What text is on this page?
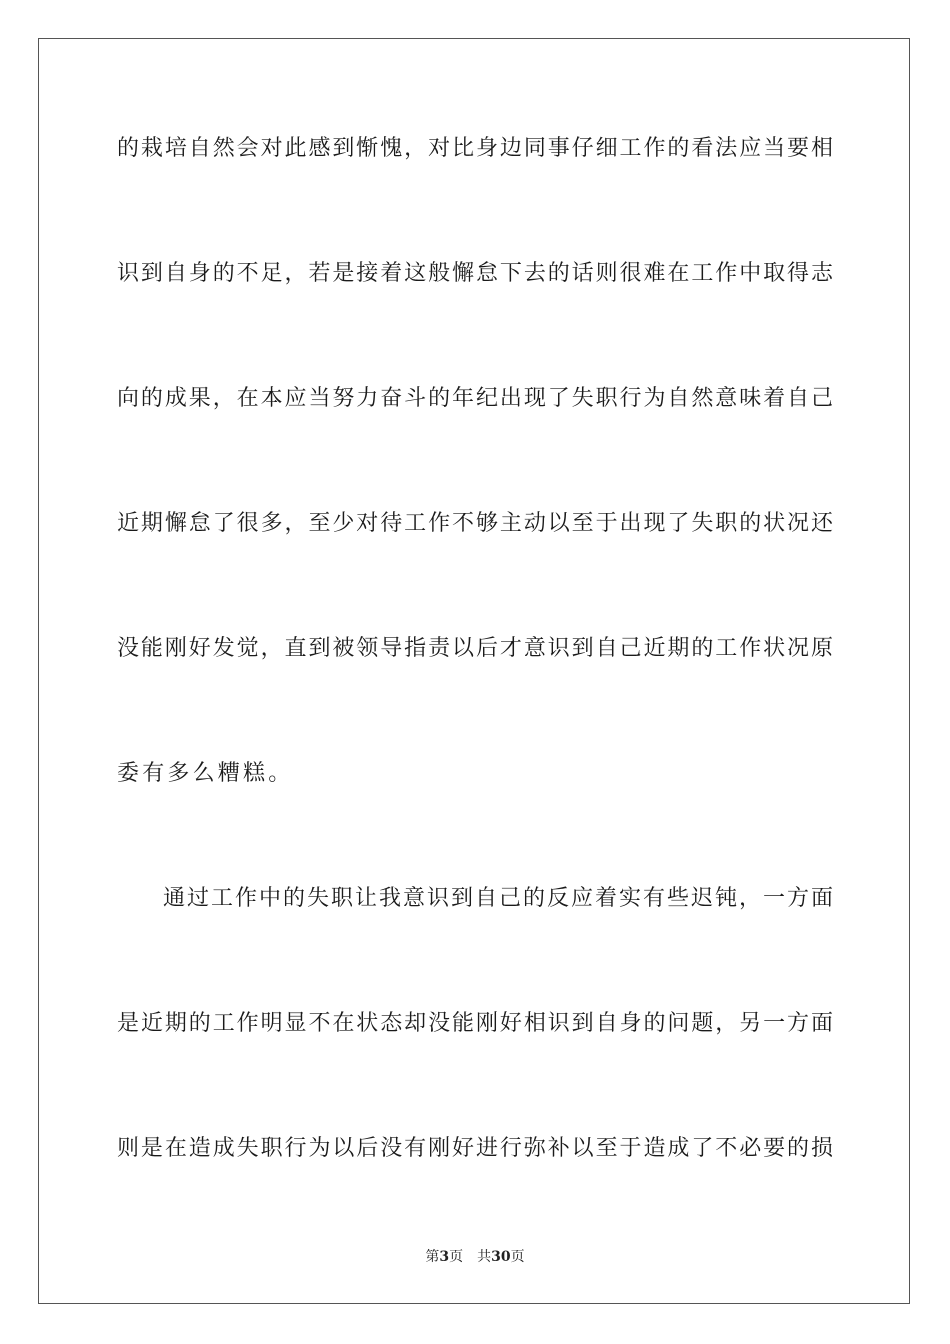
的栽培自然会对此感到惭愧，对比身边同事仔细工作的看法应当要相
识到自身的不足，若是接着这般懈怠下去的话则很难在工作中取得志
向的成果，在本应当努力奋斗的年纪出现了失职行为自然意味着自己
近期懈怠了很多，至少对待工作不够主动以至于出现了失职的状况还
没能刚好发觉，直到被领导指责以后才意识到自己近期的工作状况原
委有多么糟糕。
通过工作中的失职让我意识到自己的反应着实有些迟钝，一方面
是近期的工作明显不在状态却没能刚好相识到自身的问题，另一方面
则是在造成失职行为以后没有刚好进行弥补以至于造成了不必要的损
第3页 共30页
